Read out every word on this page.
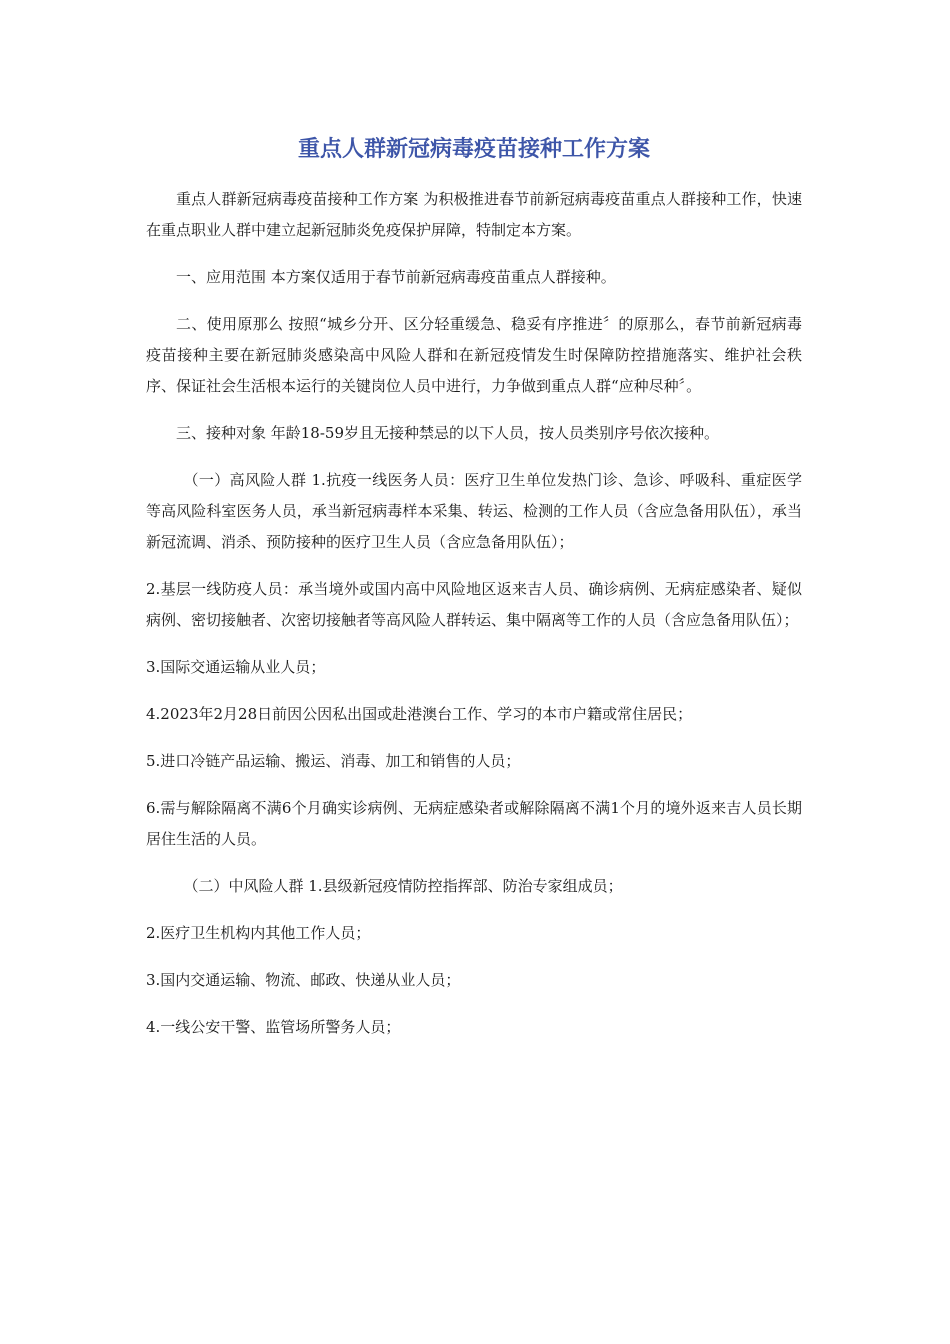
重点人群新冠病毒疫苗接种工作方案

重点人群新冠病毒疫苗接种工作方案 为积极推进春节前新冠病毒疫苗重点人群接种工作，快速在重点职业人群中建立起新冠肺炎免疫保护屏障，特制定本方案。

一、应用范围 本方案仅适用于春节前新冠病毒疫苗重点人群接种。

二、使用原那么 按照“城乡分开、区分轻重缓急、稳妥有序推进〞的原那么，春节前新冠病毒疫苗接种主要在新冠肺炎感染高中风险人群和在新冠疫情发生时保障防控措施落实、维护社会秩序、保证社会生活根本运行的关键岗位人员中进行，力争做到重点人群“应种尽种〞。

三、接种对象 年龄18-59岁且无接种禁忌的以下人员，按人员类别序号依次接种。

（一）高风险人群 1.抗疫一线医务人员：医疗卫生单位发热门诊、急诊、呼吸科、重症医学等高风险科室医务人员，承当新冠病毒样本采集、转运、检测的工作人员（含应急备用队伍），承当新冠流调、消杀、预防接种的医疗卫生人员（含应急备用队伍）；

2.基层一线防疫人员：承当境外或国内高中风险地区返来吉人员、确诊病例、无病症感染者、疑似病例、密切接触者、次密切接触者等高风险人群转运、集中隔离等工作的人员（含应急备用队伍）；

3.国际交通运输从业人员；

4.2023年2月28日前因公因私出国或赴港澳台工作、学习的本市户籍或常住居民；

5.进口冷链产品运输、搬运、消毒、加工和销售的人员；

6.需与解除隔离不满6个月确实诊病例、无病症感染者或解除隔离不满1个月的境外返来吉人员长期居住生活的人员。

（二）中风险人群 1.县级新冠疫情防控指挥部、防治专家组成员；

2.医疗卫生机构内其他工作人员；

3.国内交通运输、物流、邮政、快递从业人员；

4.一线公安干警、监管场所警务人员；
